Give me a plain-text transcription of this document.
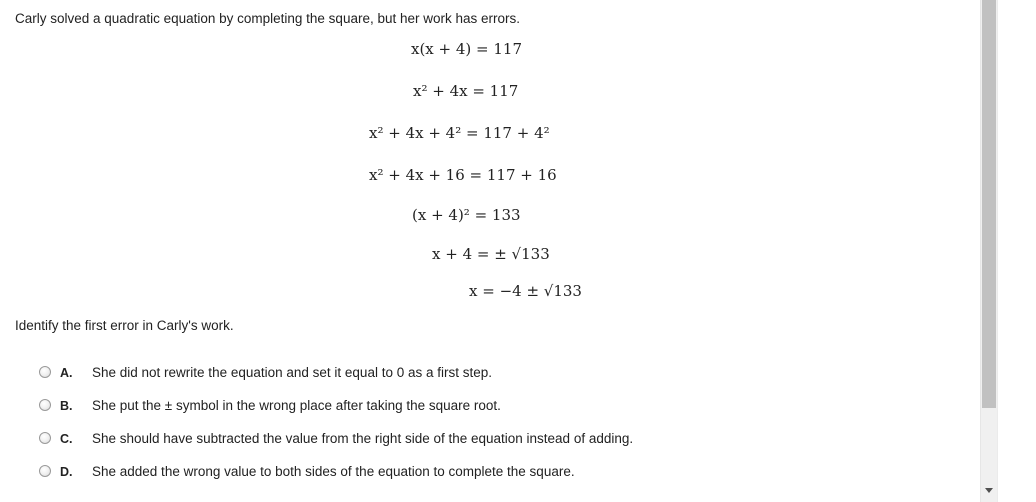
Carly solved a quadratic equation by completing the square, but her work has errors.
x(x + 4) = 117
x² + 4x = 117
x² + 4x + 4² = 117 + 4²
x² + 4x + 16 = 117 + 16
(x + 4)² = 133
x + 4 = ± √133
x = −4 ± √133
Identify the first error in Carly's work.
A. She did not rewrite the equation and set it equal to 0 as a first step.
B. She put the ± symbol in the wrong place after taking the square root.
C. She should have subtracted the value from the right side of the equation instead of adding.
D. She added the wrong value to both sides of the equation to complete the square.
